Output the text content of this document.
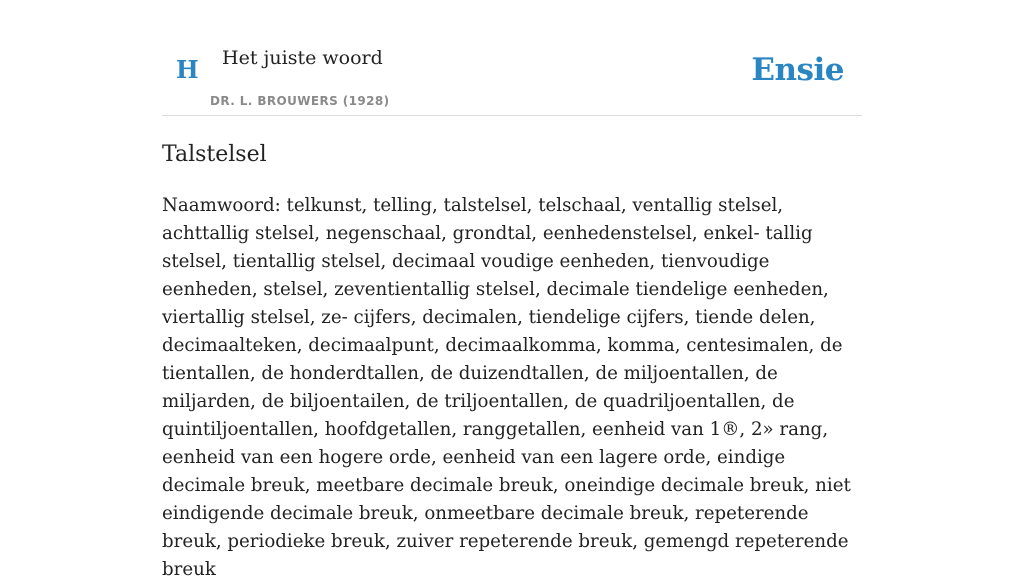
H Het juiste woord
DR. L. BROUWERS (1928)
Ensie
Talstelsel

Naamwoord: telkunst, telling, talstelsel, telschaal, ventallig stelsel, achttallig stelsel, negenschaal, grondtal, eenhedenstelsel, enkel- tallig stelsel, tientallig stelsel, decimaal voudige eenheden, tienvoudige eenheden, stelsel, zeventientallig stelsel, decimale tiendelige eenheden, viertallig stelsel, ze- cijfers, decimalen, tiendelige cijfers, tiende delen, decimaalteken, decimaalpunt, decimaalkomma, komma, centesimalen, de tientallen, de honderdtallen, de duizendtallen, de miljoentallen, de miljarden, de biljoentailen, de triljoentallen, de quadriljoentallen, de quintiljoentallen, hoofdgetallen, ranggetallen, eenheid van 1®, 2» rang, eenheid van een hogere orde, eenheid van een lagere orde, eindige decimale breuk, meetbare decimale breuk, oneindige decimale breuk, niet eindigende decimale breuk, onmeetbare decimale breuk, repeterende breuk, periodieke breuk, zuiver repeterende breuk, gemengd repeterende breuk
